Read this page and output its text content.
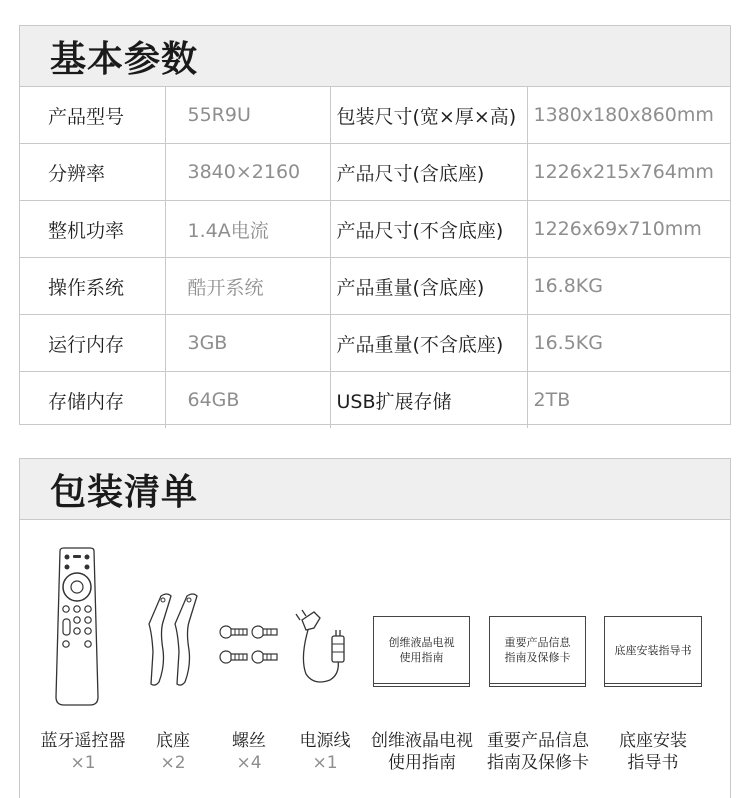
基本参数
产品型号	55R9U	包装尺寸(宽×厚×高)	1380x180x860mm
分辨率	3840×2160	产品尺寸(含底座)	1226x215x764mm
整机功率	1.4A电流	产品尺寸(不含底座)	1226x69x710mm
操作系统	酷开系统	产品重量(含底座)	16.8KG
运行内存	3GB	产品重量(不含底座)	16.5KG
存储内存	64GB	USB扩展存储	2TB
包装清单
创维液晶电视
使用指南
重要产品信息
指南及保修卡
底座安装指导书
蓝牙遥控器
×1
底座
×2
螺丝
×4
电源线
×1
创维液晶电视
使用指南
重要产品信息
指南及保修卡
底座安装
指导书
